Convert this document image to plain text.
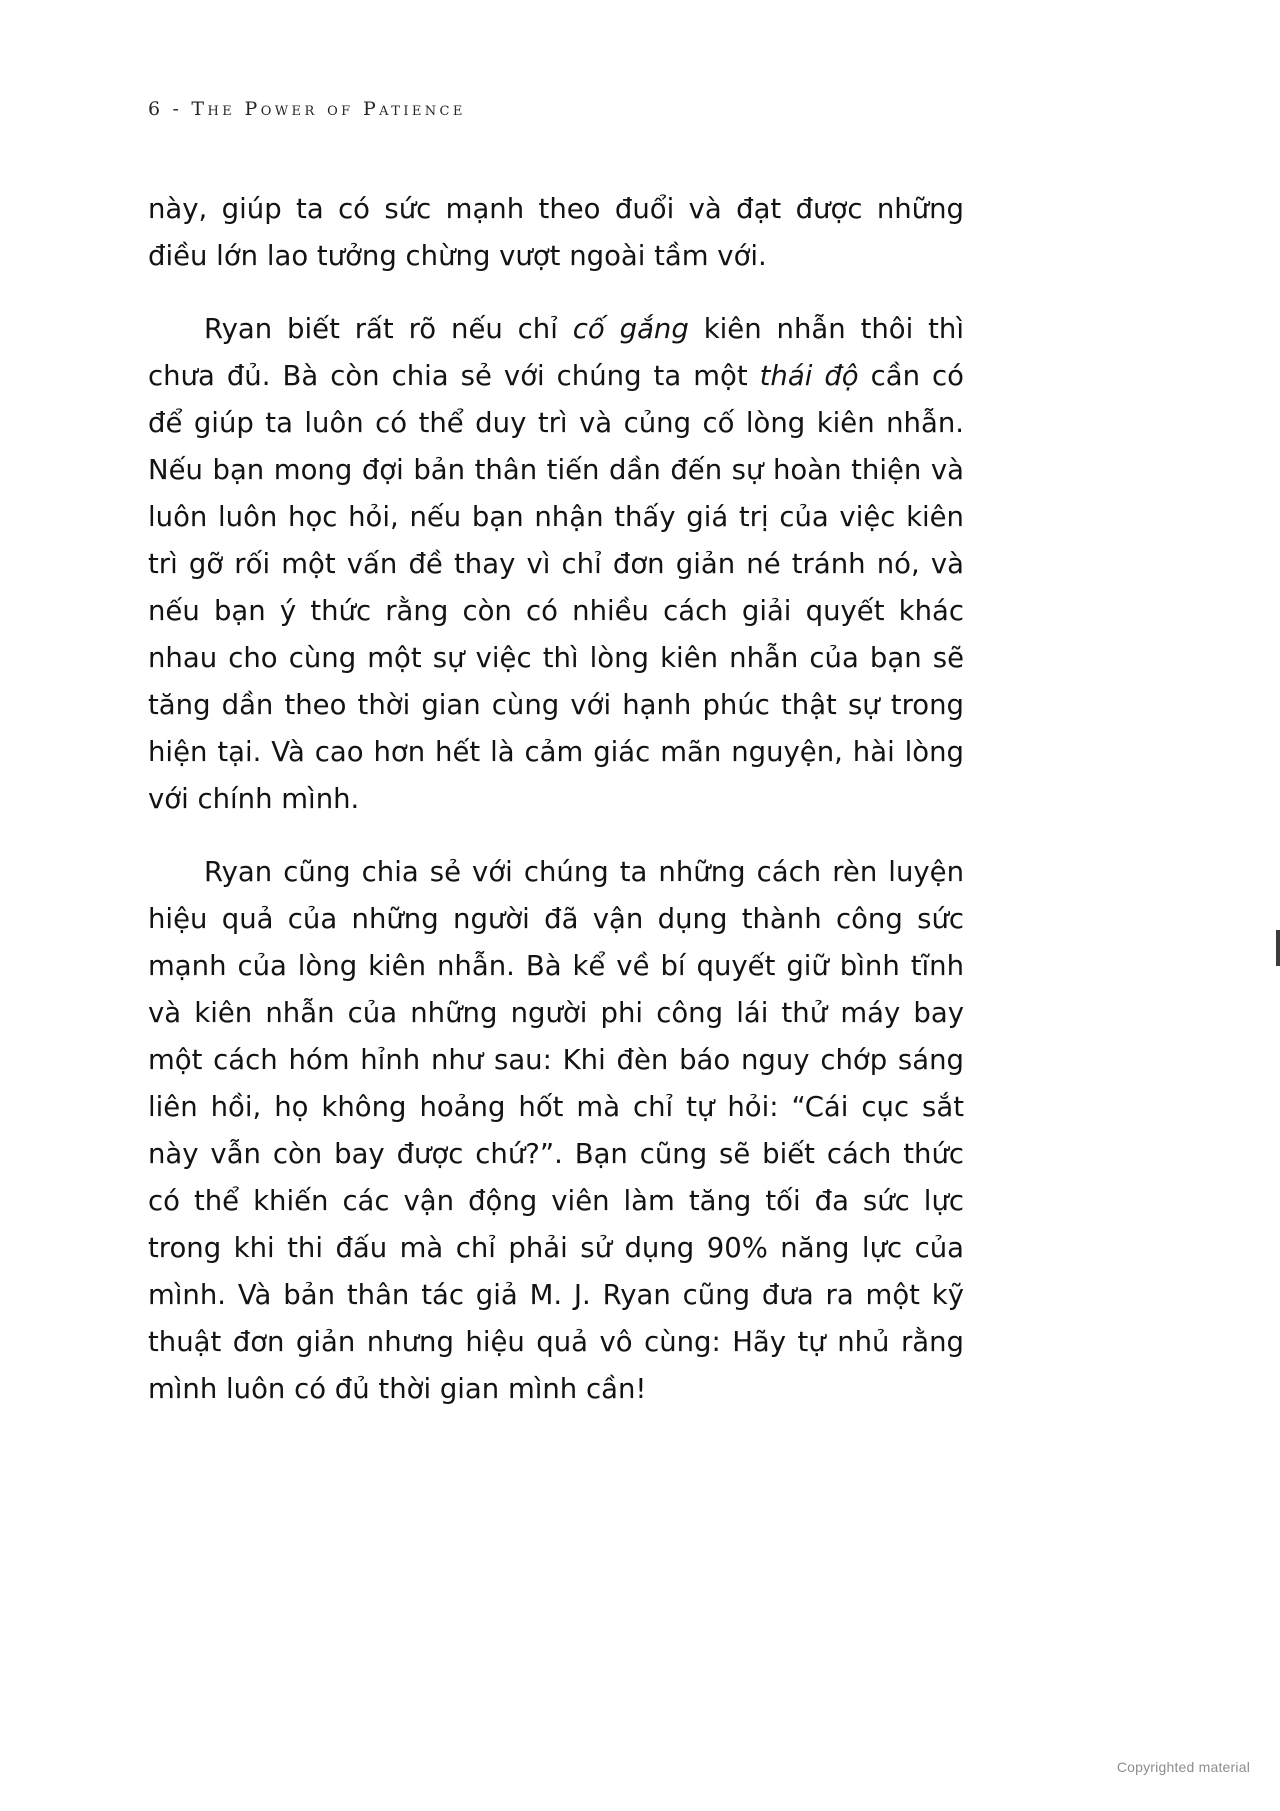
6 - The Power of Patience

này, giúp ta có sức mạnh theo đuổi và đạt được những điều lớn lao tưởng chừng vượt ngoài tầm với.

Ryan biết rất rõ nếu chỉ cố gắng kiên nhẫn thôi thì chưa đủ. Bà còn chia sẻ với chúng ta một thái độ cần có để giúp ta luôn có thể duy trì và củng cố lòng kiên nhẫn. Nếu bạn mong đợi bản thân tiến dần đến sự hoàn thiện và luôn luôn học hỏi, nếu bạn nhận thấy giá trị của việc kiên trì gỡ rối một vấn đề thay vì chỉ đơn giản né tránh nó, và nếu bạn ý thức rằng còn có nhiều cách giải quyết khác nhau cho cùng một sự việc thì lòng kiên nhẫn của bạn sẽ tăng dần theo thời gian cùng với hạnh phúc thật sự trong hiện tại. Và cao hơn hết là cảm giác mãn nguyện, hài lòng với chính mình.

Ryan cũng chia sẻ với chúng ta những cách rèn luyện hiệu quả của những người đã vận dụng thành công sức mạnh của lòng kiên nhẫn. Bà kể về bí quyết giữ bình tĩnh và kiên nhẫn của những người phi công lái thử máy bay một cách hóm hỉnh như sau: Khi đèn báo nguy chớp sáng liên hồi, họ không hoảng hốt mà chỉ tự hỏi: “Cái cục sắt này vẫn còn bay được chứ?”. Bạn cũng sẽ biết cách thức có thể khiến các vận động viên làm tăng tối đa sức lực trong khi thi đấu mà chỉ phải sử dụng 90% năng lực của mình. Và bản thân tác giả M. J. Ryan cũng đưa ra một kỹ thuật đơn giản nhưng hiệu quả vô cùng: Hãy tự nhủ rằng mình luôn có đủ thời gian mình cần!

Copyrighted material
